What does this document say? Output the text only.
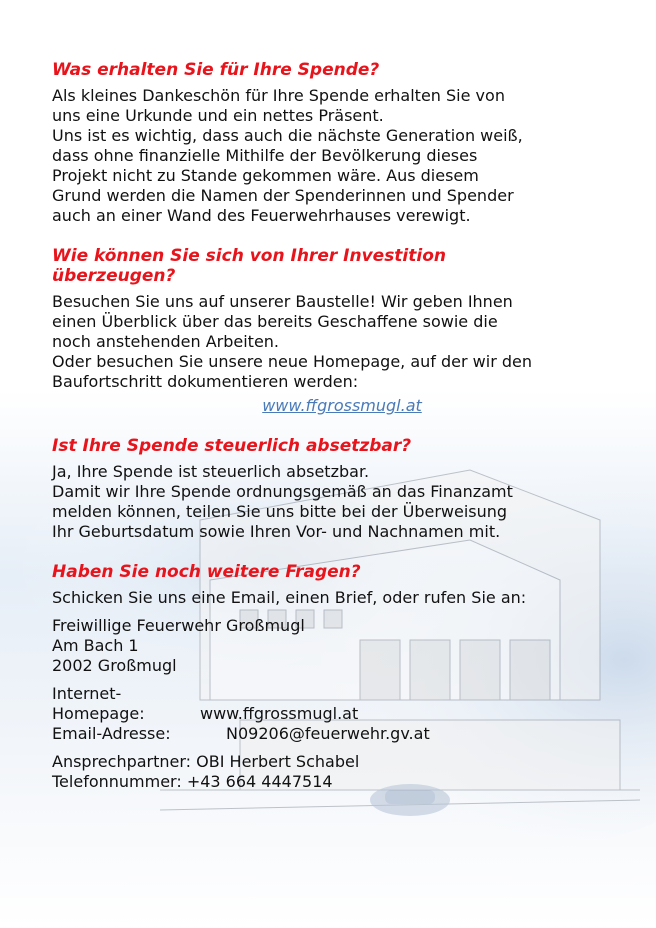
Was erhalten Sie für Ihre Spende?

Als kleines Dankeschön für Ihre Spende erhalten Sie von

uns eine Urkunde und ein nettes Präsent.

Uns ist es wichtig, dass auch die nächste Generation weiß,

dass ohne finanzielle Mithilfe der Bevölkerung dieses

Projekt nicht zu Stande gekommen wäre. Aus diesem

Grund werden die Namen der Spenderinnen und Spender

auch an einer Wand des Feuerwehrhauses verewigt.

Wie können Sie sich von Ihrer Investition

überzeugen?

Besuchen Sie uns auf unserer Baustelle! Wir geben Ihnen

einen Überblick über das bereits Geschaffene sowie die

noch anstehenden Arbeiten.

Oder besuchen Sie unsere neue Homepage, auf der wir den

Baufortschritt dokumentieren werden:

www.ffgrossmugl.at

Ist Ihre Spende steuerlich absetzbar?

Ja, Ihre Spende ist steuerlich absetzbar.

Damit wir Ihre Spende ordnungsgemäß an das Finanzamt

melden können, teilen Sie uns bitte bei der Überweisung

Ihr Geburtsdatum sowie Ihren Vor- und Nachnamen mit.

Haben Sie noch weitere Fragen?

Schicken Sie uns eine Email, einen Brief, oder rufen Sie an:

Freiwillige Feuerwehr Großmugl

Am Bach 1

2002 Großmugl

Internet-Homepage:	www.ffgrossmugl.at

Email-Adresse:	N09206@feuerwehr.gv.at

Ansprechpartner: OBI Herbert Schabel

Telefonnummer: +43 664 4447514
